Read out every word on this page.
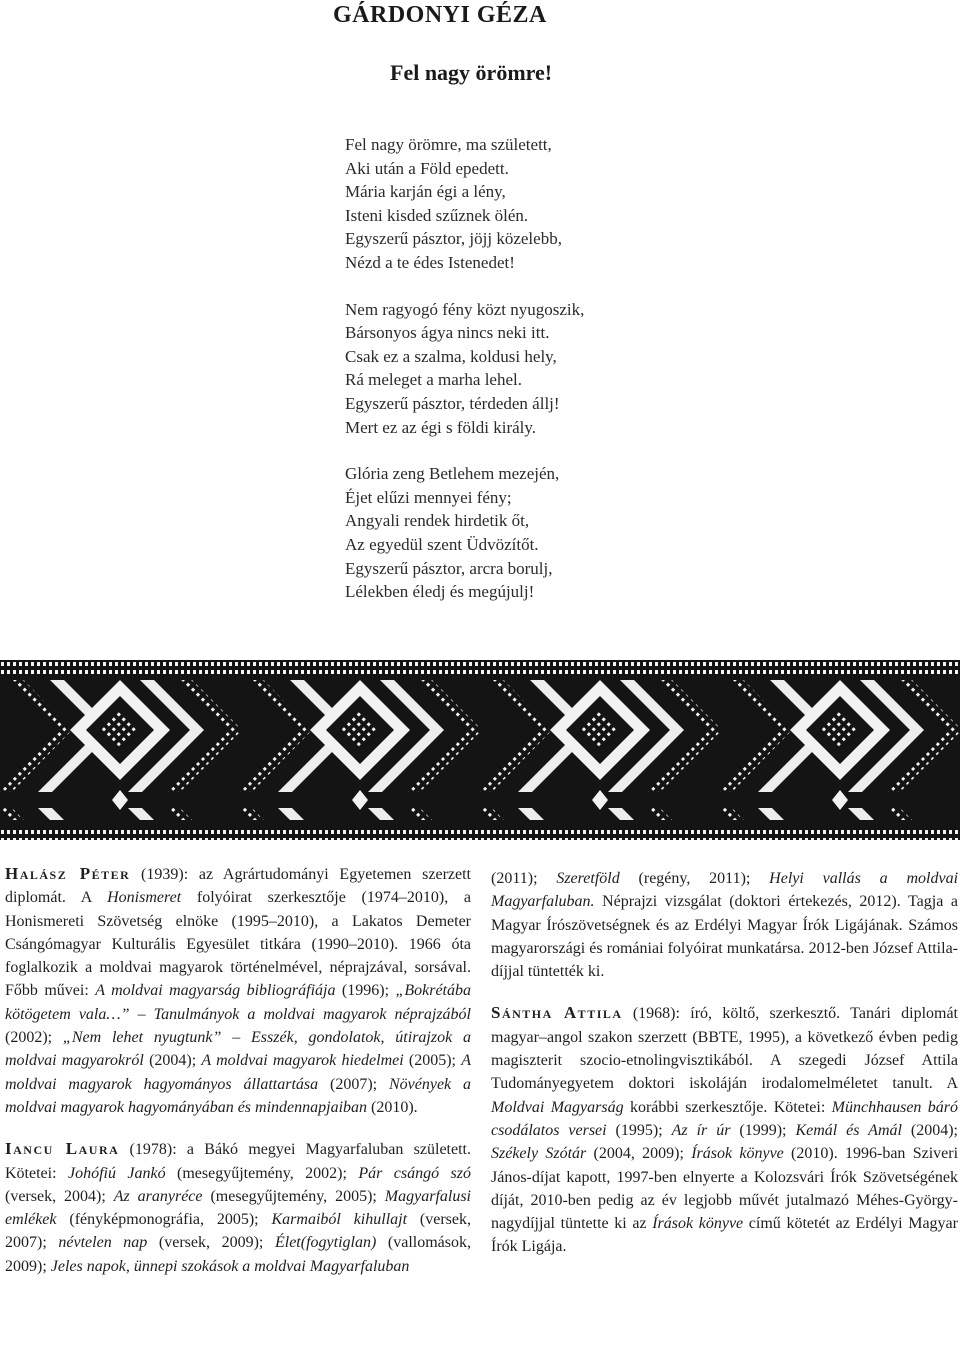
GÁRDONYI GÉZA
Fel nagy örömre!
Fel nagy örömre, ma született,
Aki után a Föld epedett.
Mária karján égi a lény,
Isteni kisded szűznek ölén.
Egyszerű pásztor, jöjj közelebb,
Nézd a te édes Istenedet!
Nem ragyogó fény közt nyugoszik,
Bársonyos ágya nincs neki itt.
Csak ez a szalma, koldusi hely,
Rá meleget a marha lehel.
Egyszerű pásztor, térdeden állj!
Mert ez az égi s földi király.
Glória zeng Betlehem mezején,
Éjet elűzi mennyei fény;
Angyali rendek hirdetik őt,
Az egyedül szent Üdvözítőt.
Egyszerű pásztor, arcra borulj,
Lélekben éledj és megújulj!

Halász Péter (1939): az Agrártudományi Egyetemen szerzett diplomát. A Honismeret folyóirat szerkesztője (1974–2010), a Honismereti Szövetség elnöke (1995–2010), a Lakatos Demeter Csángómagyar Kulturális Egyesület titkára (1990–2010). 1966 óta foglalkozik a moldvai magyarok történelmével, néprajzával, sorsával. Főbb művei: A moldvai magyarság bibliográfiája (1996); „Bokrétába kötögetem vala…” – Tanulmányok a moldvai magyarok néprajzából (2002); „Nem lehet nyugtunk” – Esszék, gondolatok, útirajzok a moldvai magyarokról (2004); A moldvai magyarok hiedelmei (2005); A moldvai magyarok hagyományos állattartása (2007); Növények a moldvai magyarok hagyományában és mindennapjaiban (2010).

Iancu Laura (1978): a Bákó megyei Magyarfaluban született. Kötetei: Johófiú Jankó (mesegyűjtemény, 2002); Pár csángó szó (versek, 2004); Az aranyréce (mesegyűjtemény, 2005); Magyarfalusi emlékek (fényképmonográfia, 2005); Karmaiból kihullajt (versek, 2007); névtelen nap (versek, 2009); Élet(fogytiglan) (vallomások, 2009); Jeles napok, ünnepi szokások a moldvai Magyarfaluban

(2011); Szeretföld (regény, 2011); Helyi vallás a moldvai Magyarfaluban. Néprajzi vizsgálat (doktori értekezés, 2012). Tagja a Magyar Írószövetségnek és az Erdélyi Magyar Írók Ligájának. Számos magyarországi és romániai folyóirat munkatársa. 2012-ben József Attila-díjjal tüntették ki.

Sántha Attila (1968): író, költő, szerkesztő. Tanári diplomát magyar–angol szakon szerzett (BBTE, 1995), a következő évben pedig magiszterit szocio-etnolingvisztikából. A szegedi József Attila Tudományegyetem doktori iskoláján irodalomelméletet tanult. A Moldvai Magyarság korábbi szerkesztője. Kötetei: Münchhausen báró csodálatos versei (1995); Az ír úr (1999); Kemál és Amál (2004); Székely Szótár (2004, 2009); Írások könyve (2010). 1996-ban Sziveri János-díjat kapott, 1997-ben elnyerte a Kolozsvári Írók Szövetségének díját, 2010-ben pedig az év legjobb művét jutalmazó Méhes-György-nagydíjjal tüntette ki az Írások könyve című kötetét az Erdélyi Magyar Írók Ligája.
